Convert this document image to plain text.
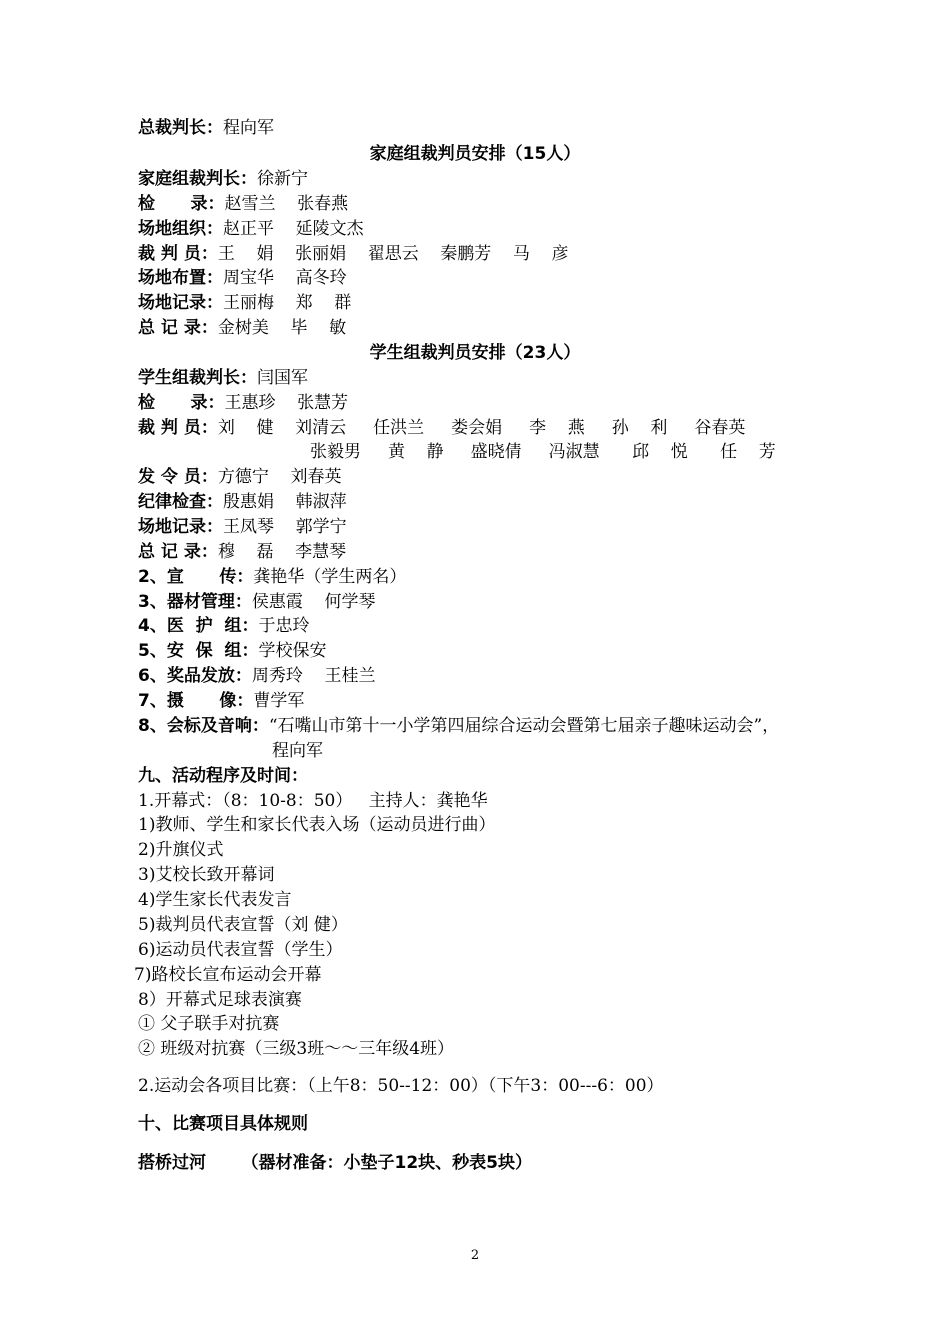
总裁判长：程向军
家庭组裁判员安排（15人）
家庭组裁判长：徐新宁
检      录：赵雪兰    张春燕
场地组织：赵正平    延陵文杰
裁 判 员：王    娟    张丽娟    翟思云    秦鹏芳    马    彦
场地布置：周宝华    高冬玲
场地记录：王丽梅    郑    群
总 记 录：金树美    毕    敏
学生组裁判员安排（23人）
学生组裁判长：闫国军
检      录：王惠珍    张慧芳
裁 判 员：刘    健    刘清云     任洪兰     娄会娟     李    燕     孙    利     谷春英
张毅男     黄    静     盛晓倩     冯淑慧      邱    悦      任    芳
发 令 员：方德宁    刘春英
纪律检查：殷惠娟    韩淑萍
场地记录：王凤琴    郭学宁
总 记 录：穆    磊    李慧琴
2、宣      传：龚艳华（学生两名）
3、器材管理：侯惠霞    何学琴
4、医  护  组：于忠玲
5、安  保  组：学校保安
6、奖品发放：周秀玲    王桂兰
7、摄      像：曹学军
8、会标及音响：“石嘴山市第十一小学第四届综合运动会暨第七届亲子趣味运动会”，
程向军
九、活动程序及时间：
1.开幕式：（8：10-8：50）   主持人：龚艳华
1)教师、学生和家长代表入场（运动员进行曲）
2)升旗仪式
3)艾校长致开幕词
4)学生家长代表发言
5)裁判员代表宣誓（刘 健）
6)运动员代表宣誓（学生）
7)路校长宣布运动会开幕
8）开幕式足球表演赛
① 父子联手对抗赛
② 班级对抗赛（三级3班～～三年级4班）
2.运动会各项目比赛：（上午8：50--12：00）（下午3：00---6：00）
十、比赛项目具体规则
搭桥过河      （器材准备：小垫子12块、秒表5块）
2
